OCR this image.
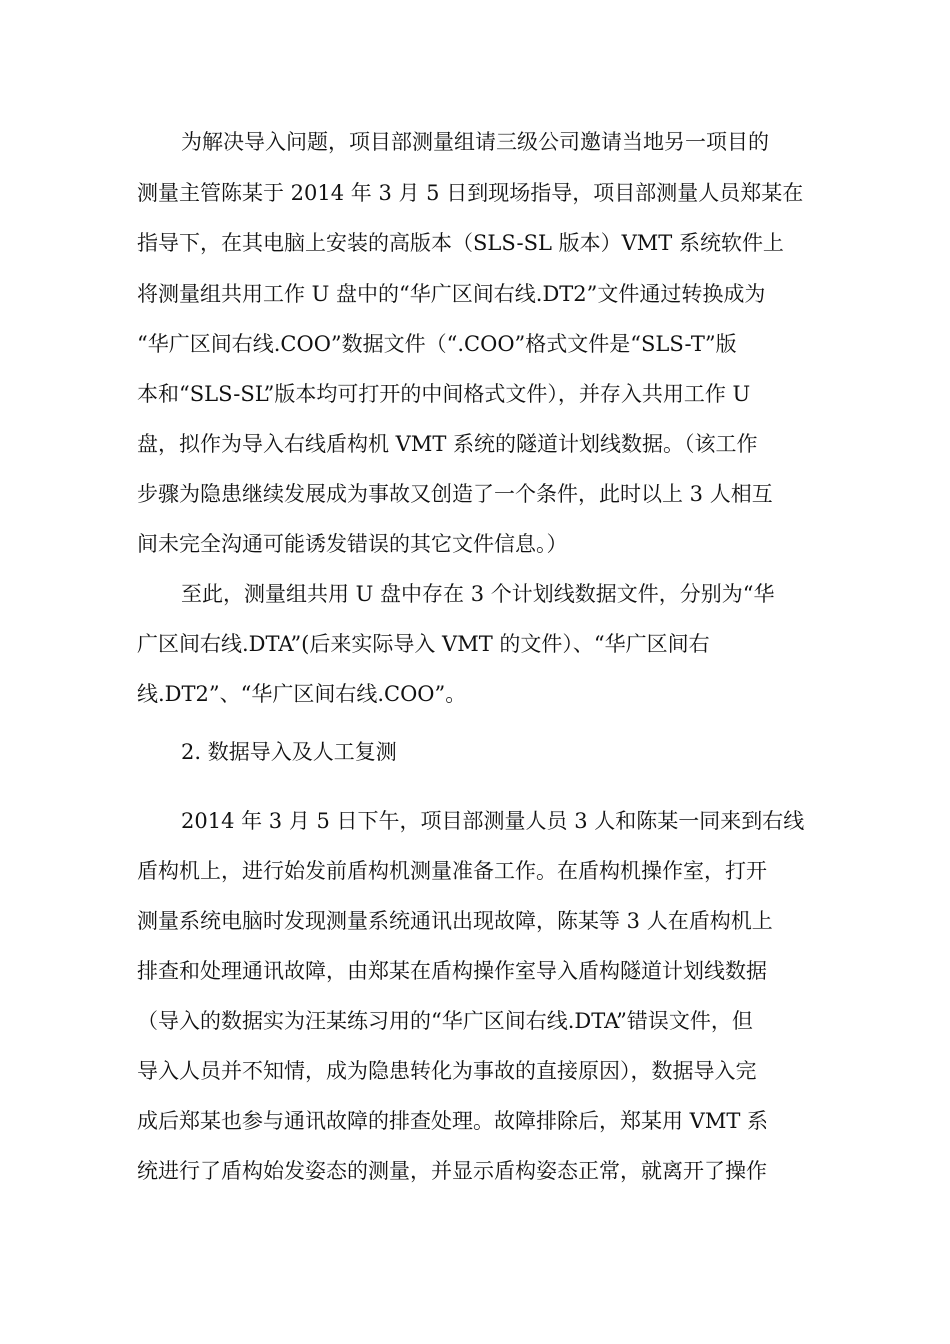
为解决导入问题，项目部测量组请三级公司邀请当地另一项目的
测量主管陈某于 2014 年 3 月 5 日到现场指导，项目部测量人员郑某在
指导下，在其电脑上安装的高版本（SLS-SL 版本）VMT 系统软件上
将测量组共用工作 U 盘中的“华广区间右线.DT2”文件通过转换成为
“华广区间右线.COO”数据文件（“.COO”格式文件是“SLS-T”版
本和“SLS-SL”版本均可打开的中间格式文件），并存入共用工作 U
盘，拟作为导入右线盾构机 VMT 系统的隧道计划线数据。（该工作
步骤为隐患继续发展成为事故又创造了一个条件，此时以上 3 人相互
间未完全沟通可能诱发错误的其它文件信息。）
至此，测量组共用 U 盘中存在 3 个计划线数据文件，分别为“华
广区间右线.DTA”(后来实际导入 VMT 的文件）、“华广区间右
线.DT2”、“华广区间右线.COO”。
2. 数据导入及人工复测
2014 年 3 月 5 日下午，项目部测量人员 3 人和陈某一同来到右线
盾构机上，进行始发前盾构机测量准备工作。在盾构机操作室，打开
测量系统电脑时发现测量系统通讯出现故障，陈某等 3 人在盾构机上
排查和处理通讯故障，由郑某在盾构操作室导入盾构隧道计划线数据
（导入的数据实为汪某练习用的“华广区间右线.DTA”错误文件，但
导入人员并不知情，成为隐患转化为事故的直接原因），数据导入完
成后郑某也参与通讯故障的排查处理。故障排除后，郑某用 VMT 系
统进行了盾构始发姿态的测量，并显示盾构姿态正常，就离开了操作
